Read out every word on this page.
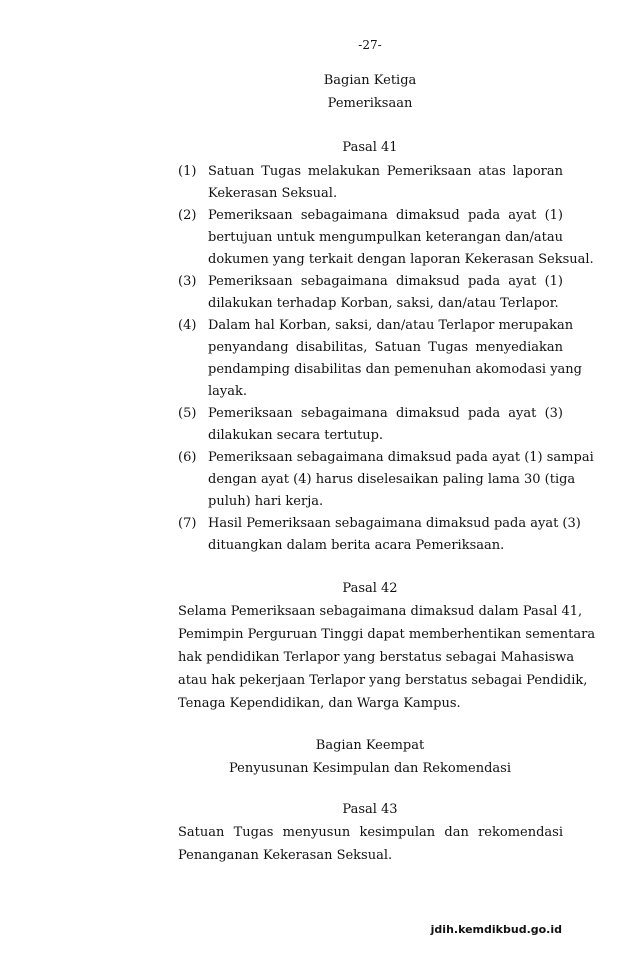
-27-
Bagian Ketiga
Pemeriksaan
Pasal 41
(1) Satuan Tugas melakukan Pemeriksaan atas laporan
Kekerasan Seksual.
(2) Pemeriksaan sebagaimana dimaksud pada ayat (1)
bertujuan untuk mengumpulkan keterangan dan/atau
dokumen yang terkait dengan laporan Kekerasan Seksual.
(3) Pemeriksaan sebagaimana dimaksud pada ayat (1)
dilakukan terhadap Korban, saksi, dan/atau Terlapor.
(4) Dalam hal Korban, saksi, dan/atau Terlapor merupakan
penyandang disabilitas, Satuan Tugas menyediakan
pendamping disabilitas dan pemenuhan akomodasi yang
layak.
(5) Pemeriksaan sebagaimana dimaksud pada ayat (3)
dilakukan secara tertutup.
(6) Pemeriksaan sebagaimana dimaksud pada ayat (1) sampai
dengan ayat (4) harus diselesaikan paling lama 30 (tiga
puluh) hari kerja.
(7) Hasil Pemeriksaan sebagaimana dimaksud pada ayat (3)
dituangkan dalam berita acara Pemeriksaan.
Pasal 42
Selama Pemeriksaan sebagaimana dimaksud dalam Pasal 41,
Pemimpin Perguruan Tinggi dapat memberhentikan sementara
hak pendidikan Terlapor yang berstatus sebagai Mahasiswa
atau hak pekerjaan Terlapor yang berstatus sebagai Pendidik,
Tenaga Kependidikan, dan Warga Kampus.
Bagian Keempat
Penyusunan Kesimpulan dan Rekomendasi
Pasal 43
Satuan Tugas menyusun kesimpulan dan rekomendasi
Penanganan Kekerasan Seksual.
jdih.kemdikbud.go.id
